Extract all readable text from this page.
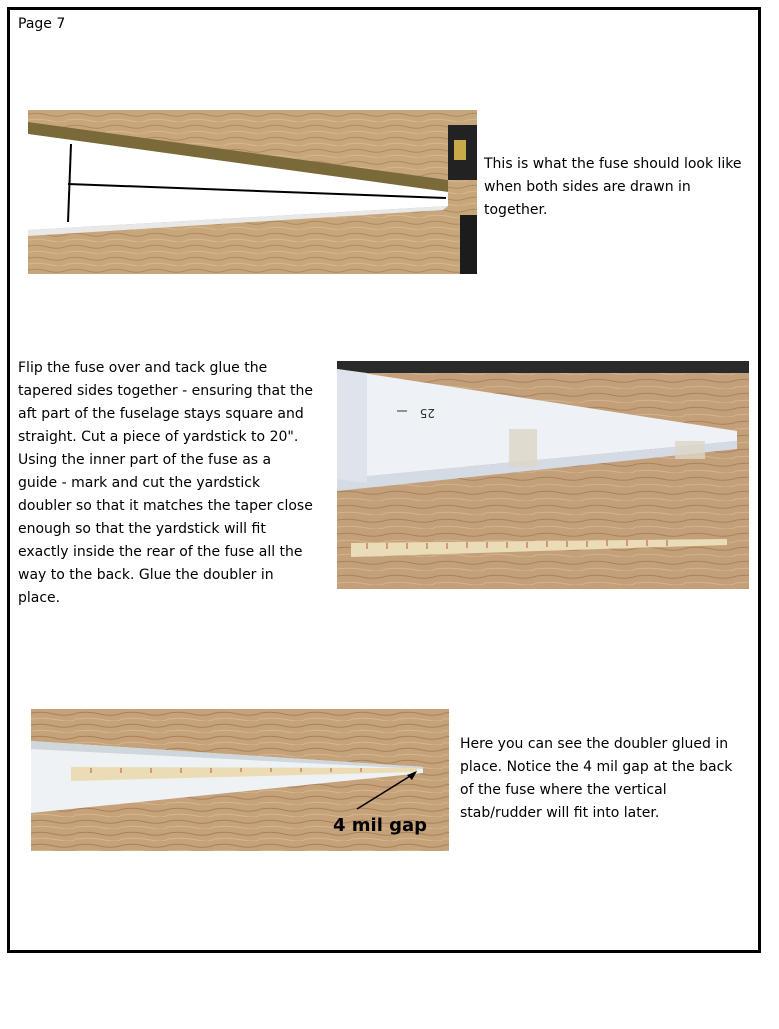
Page 7
This is what the fuse should look like
when both sides are drawn in
together.
Flip the fuse over and tack glue the
tapered sides together - ensuring that the
aft part of the fuselage stays square and
straight. Cut a piece of yardstick to 20".
Using the inner part of the fuse as a
guide - mark and cut the yardstick
doubler so that it matches the taper close
enough so that the yardstick will fit
exactly inside the rear of the fuse all the
way to the back. Glue the doubler in
place.
25
4 mil gap
Here you can see the doubler glued in
place. Notice the 4 mil gap at the back
of the fuse where the vertical
stab/rudder will fit into later.
